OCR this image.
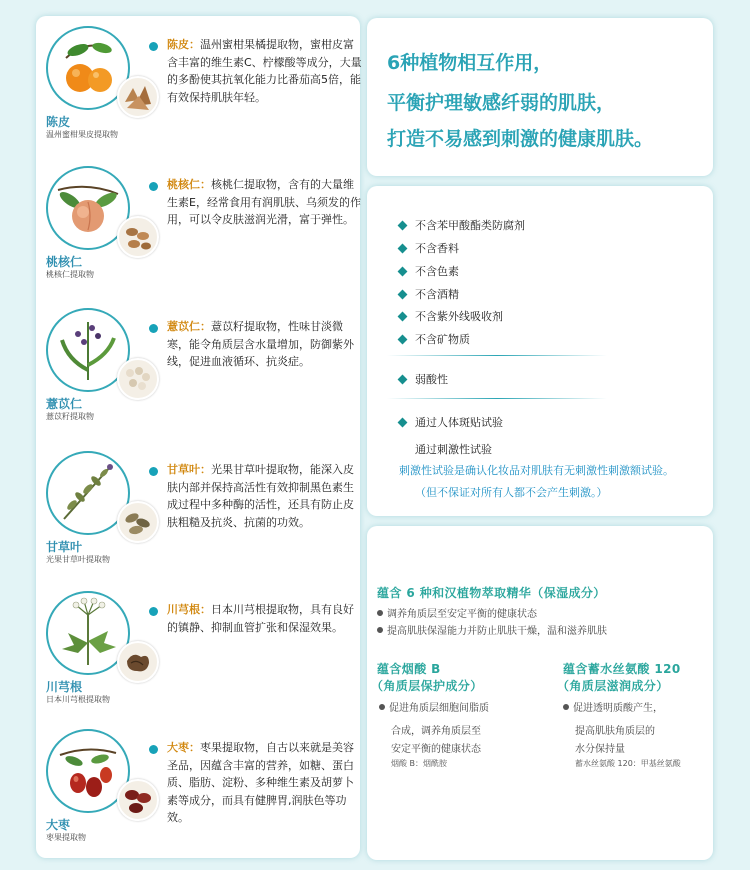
陈皮
温州蜜柑果皮提取物
陈皮：温州蜜柑果橘提取物，蜜柑皮富含丰富的维生素C、柠檬酸等成分，大量的多酚使其抗氧化能力比番茄高5倍，能有效保持肌肤年轻。
桃核仁
桃核仁提取物
桃核仁：核桃仁提取物，含有的大量维生素E，经常食用有润肌肤、乌须发的作用，可以令皮肤滋润光滑，富于弹性。
薏苡仁
薏苡籽提取物
薏苡仁：薏苡籽提取物，性味甘淡微寒，能令角质层含水量增加，防御紫外线，促进血液循环、抗炎症。
甘草叶
光果甘草叶提取物
甘草叶：光果甘草叶提取物，能深入皮肤内部并保持高活性有效抑制黑色素生成过程中多种酶的活性，还具有防止皮肤粗糙及抗炎、抗菌的功效。
川芎根
日本川芎根提取物
川芎根：日本川芎根提取物，具有良好的镇静、抑制血管扩张和保湿效果。
大枣
枣果提取物
大枣：枣果提取物，自古以来就是美容圣品，因蕴含丰富的营养，如糖、蛋白质、脂肪、淀粉、多种维生素及胡萝卜素等成分，而具有健脾胃,润肤色等功效。
6种植物相互作用，
平衡护理敏感纤弱的肌肤，
打造不易感到刺激的健康肌肤。
不含苯甲酸酯类防腐剂
不含香料
不含色素
不含酒精
不含紫外线吸收剂
不含矿物质
弱酸性
通过人体斑贴试验
通过刺激性试验
刺激性试验是确认化妆品对肌肤有无刺激性刺激额试验。
（但不保证对所有人都不会产生刺激。）
蕴含 6 种和汉植物萃取精华（保湿成分）
调养角质层至安定平衡的健康状态
提高肌肤保湿能力并防止肌肤干燥，温和滋养肌肤
蕴含烟酸 B
（角质层保护成分）
促进角质层细胞间脂质
合成，调养角质层至
安定平衡的健康状态
烟酸 B：烟酰胺
蕴含蓄水丝氨酸 120
（角质层滋润成分）
促进透明质酸产生，
提高肌肤角质层的
水分保持量
蓄水丝氨酸 120：甲基丝氨酸
